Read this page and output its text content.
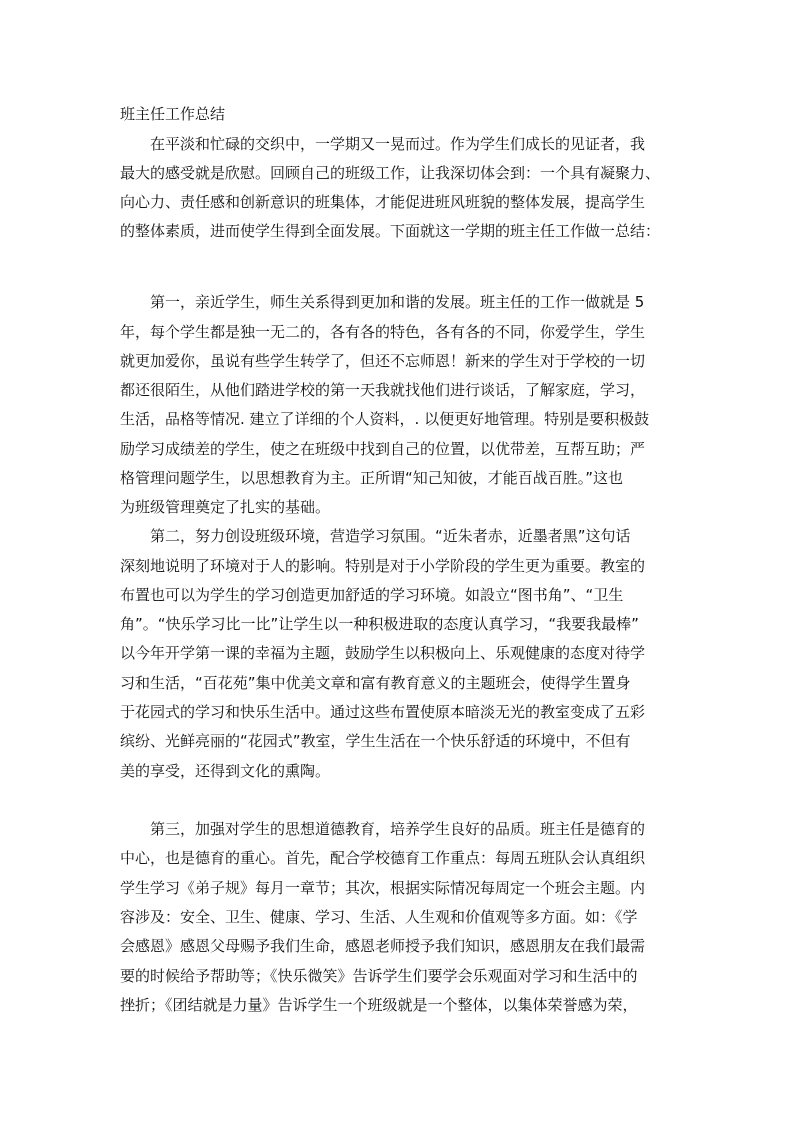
班主任工作总结
在平淡和忙碌的交织中，一学期又一晃而过。作为学生们成长的见证者，我
最大的感受就是欣慰。回顾自己的班级工作，让我深切体会到：一个具有凝聚力、
向心力、责任感和创新意识的班集体，才能促进班风班貌的整体发展，提高学生
的整体素质，进而使学生得到全面发展。下面就这一学期的班主任工作做一总结：
第一，亲近学生，师生关系得到更加和谐的发展。班主任的工作一做就是 5
年，每个学生都是独一无二的，各有各的特色，各有各的不同，你爱学生，学生
就更加爱你，虽说有些学生转学了，但还不忘师恩！新来的学生对于学校的一切
都还很陌生，从他们踏进学校的第一天我就找他们进行谈话，了解家庭，学习，
生活，品格等情况. 建立了详细的个人资料，. 以便更好地管理。特别是要积极鼓
励学习成绩差的学生，使之在班级中找到自己的位置，以优带差，互帮互助；严
格管理问题学生，以思想教育为主。正所谓“知己知彼，才能百战百胜。”这也
为班级管理奠定了扎实的基础。
第二，努力创设班级环境，营造学习氛围。“近朱者赤，近墨者黑”这句话
深刻地说明了环境对于人的影响。特别是对于小学阶段的学生更为重要。教室的
布置也可以为学生的学习创造更加舒适的学习环境。如設立“图书角”、“卫生
角”。“快乐学习比一比”让学生以一种积极进取的态度认真学习，“我要我最棒”
以今年开学第一课的幸福为主题，鼓励学生以积极向上、乐观健康的态度对待学
习和生活，“百花苑”集中优美文章和富有教育意义的主题班会，使得学生置身
于花园式的学习和快乐生活中。通过这些布置使原本暗淡无光的教室变成了五彩
缤纷、光鲜亮丽的“花园式”教室，学生生活在一个快乐舒适的环境中，不但有
美的享受，还得到文化的熏陶。
第三，加强对学生的思想道德教育，培养学生良好的品质。班主任是德育的
中心，也是德育的重心。首先，配合学校德育工作重点：每周五班队会认真组织
学生学习《弟子规》每月一章节；其次，根据实际情况每周定一个班会主题。内
容涉及：安全、卫生、健康、学习、生活、人生观和价值观等多方面。如：《学
会感恩》感恩父母赐予我们生命，感恩老师授予我们知识，感恩朋友在我们最需
要的时候给予帮助等；《快乐微笑》告诉学生们要学会乐观面对学习和生活中的
挫折；《团结就是力量》告诉学生一个班级就是一个整体，以集体荣誉感为荣，
